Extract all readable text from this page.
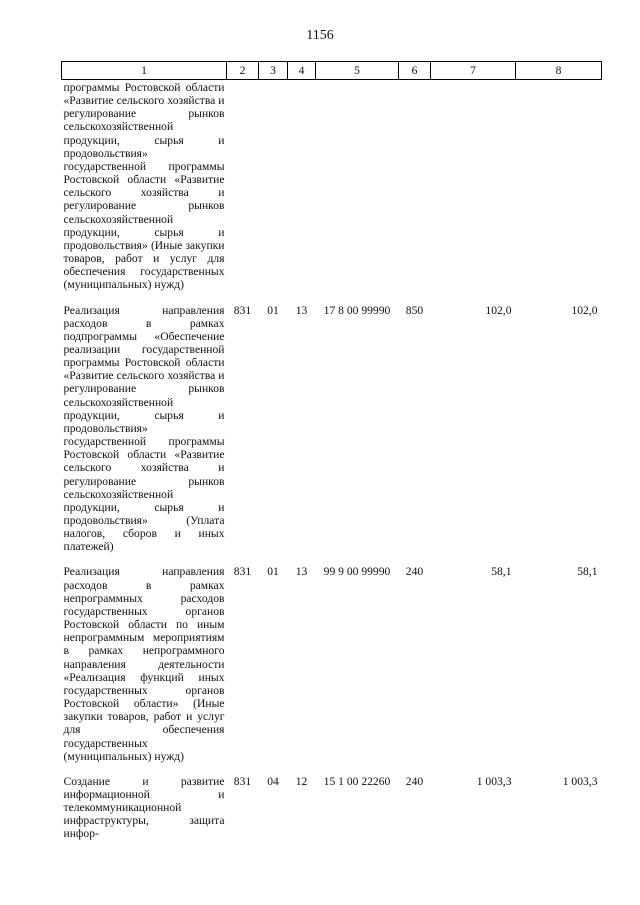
1156
1	2	3	4	5	6	7	8
программы Ростовской области «Развитие сельского хозяйства и регулирование рынков сельскохозяйственной продукции, сырья и продовольствия» государственной программы Ростовской области «Развитие сельского хозяйства и регулирование рынков сельскохозяйственной продукции, сырья и продовольствия» (Иные закупки товаров, работ и услуг для обеспечения государственных (муниципальных) нужд)							
Реализация направления расходов в рамках подпрограммы «Обеспечение реализации государственной программы Ростовской области «Развитие сельского хозяйства и регулирование рынков сельскохозяйственной продукции, сырья и продовольствия» государственной программы Ростовской области «Развитие сельского хозяйства и регулирование рынков сельскохозяйственной продукции, сырья и продовольствия» (Уплата налогов, сборов и иных платежей)	831	01	13	17 8 00 99990	850	102,0	102,0
Реализация направления расходов в рамках непрограммных расходов государственных органов Ростовской области по иным непрограммным мероприятиям в рамках непрограммного направления деятельности «Реализация функций иных государственных органов Ростовской области» (Иные закупки товаров, работ и услуг для обеспечения государственных (муниципальных) нужд)	831	01	13	99 9 00 99990	240	58,1	58,1
Создание и развитие информационной и телекоммуникационной инфраструктуры, защита инфор-	831	04	12	15 1 00 22260	240	1 003,3	1 003,3
